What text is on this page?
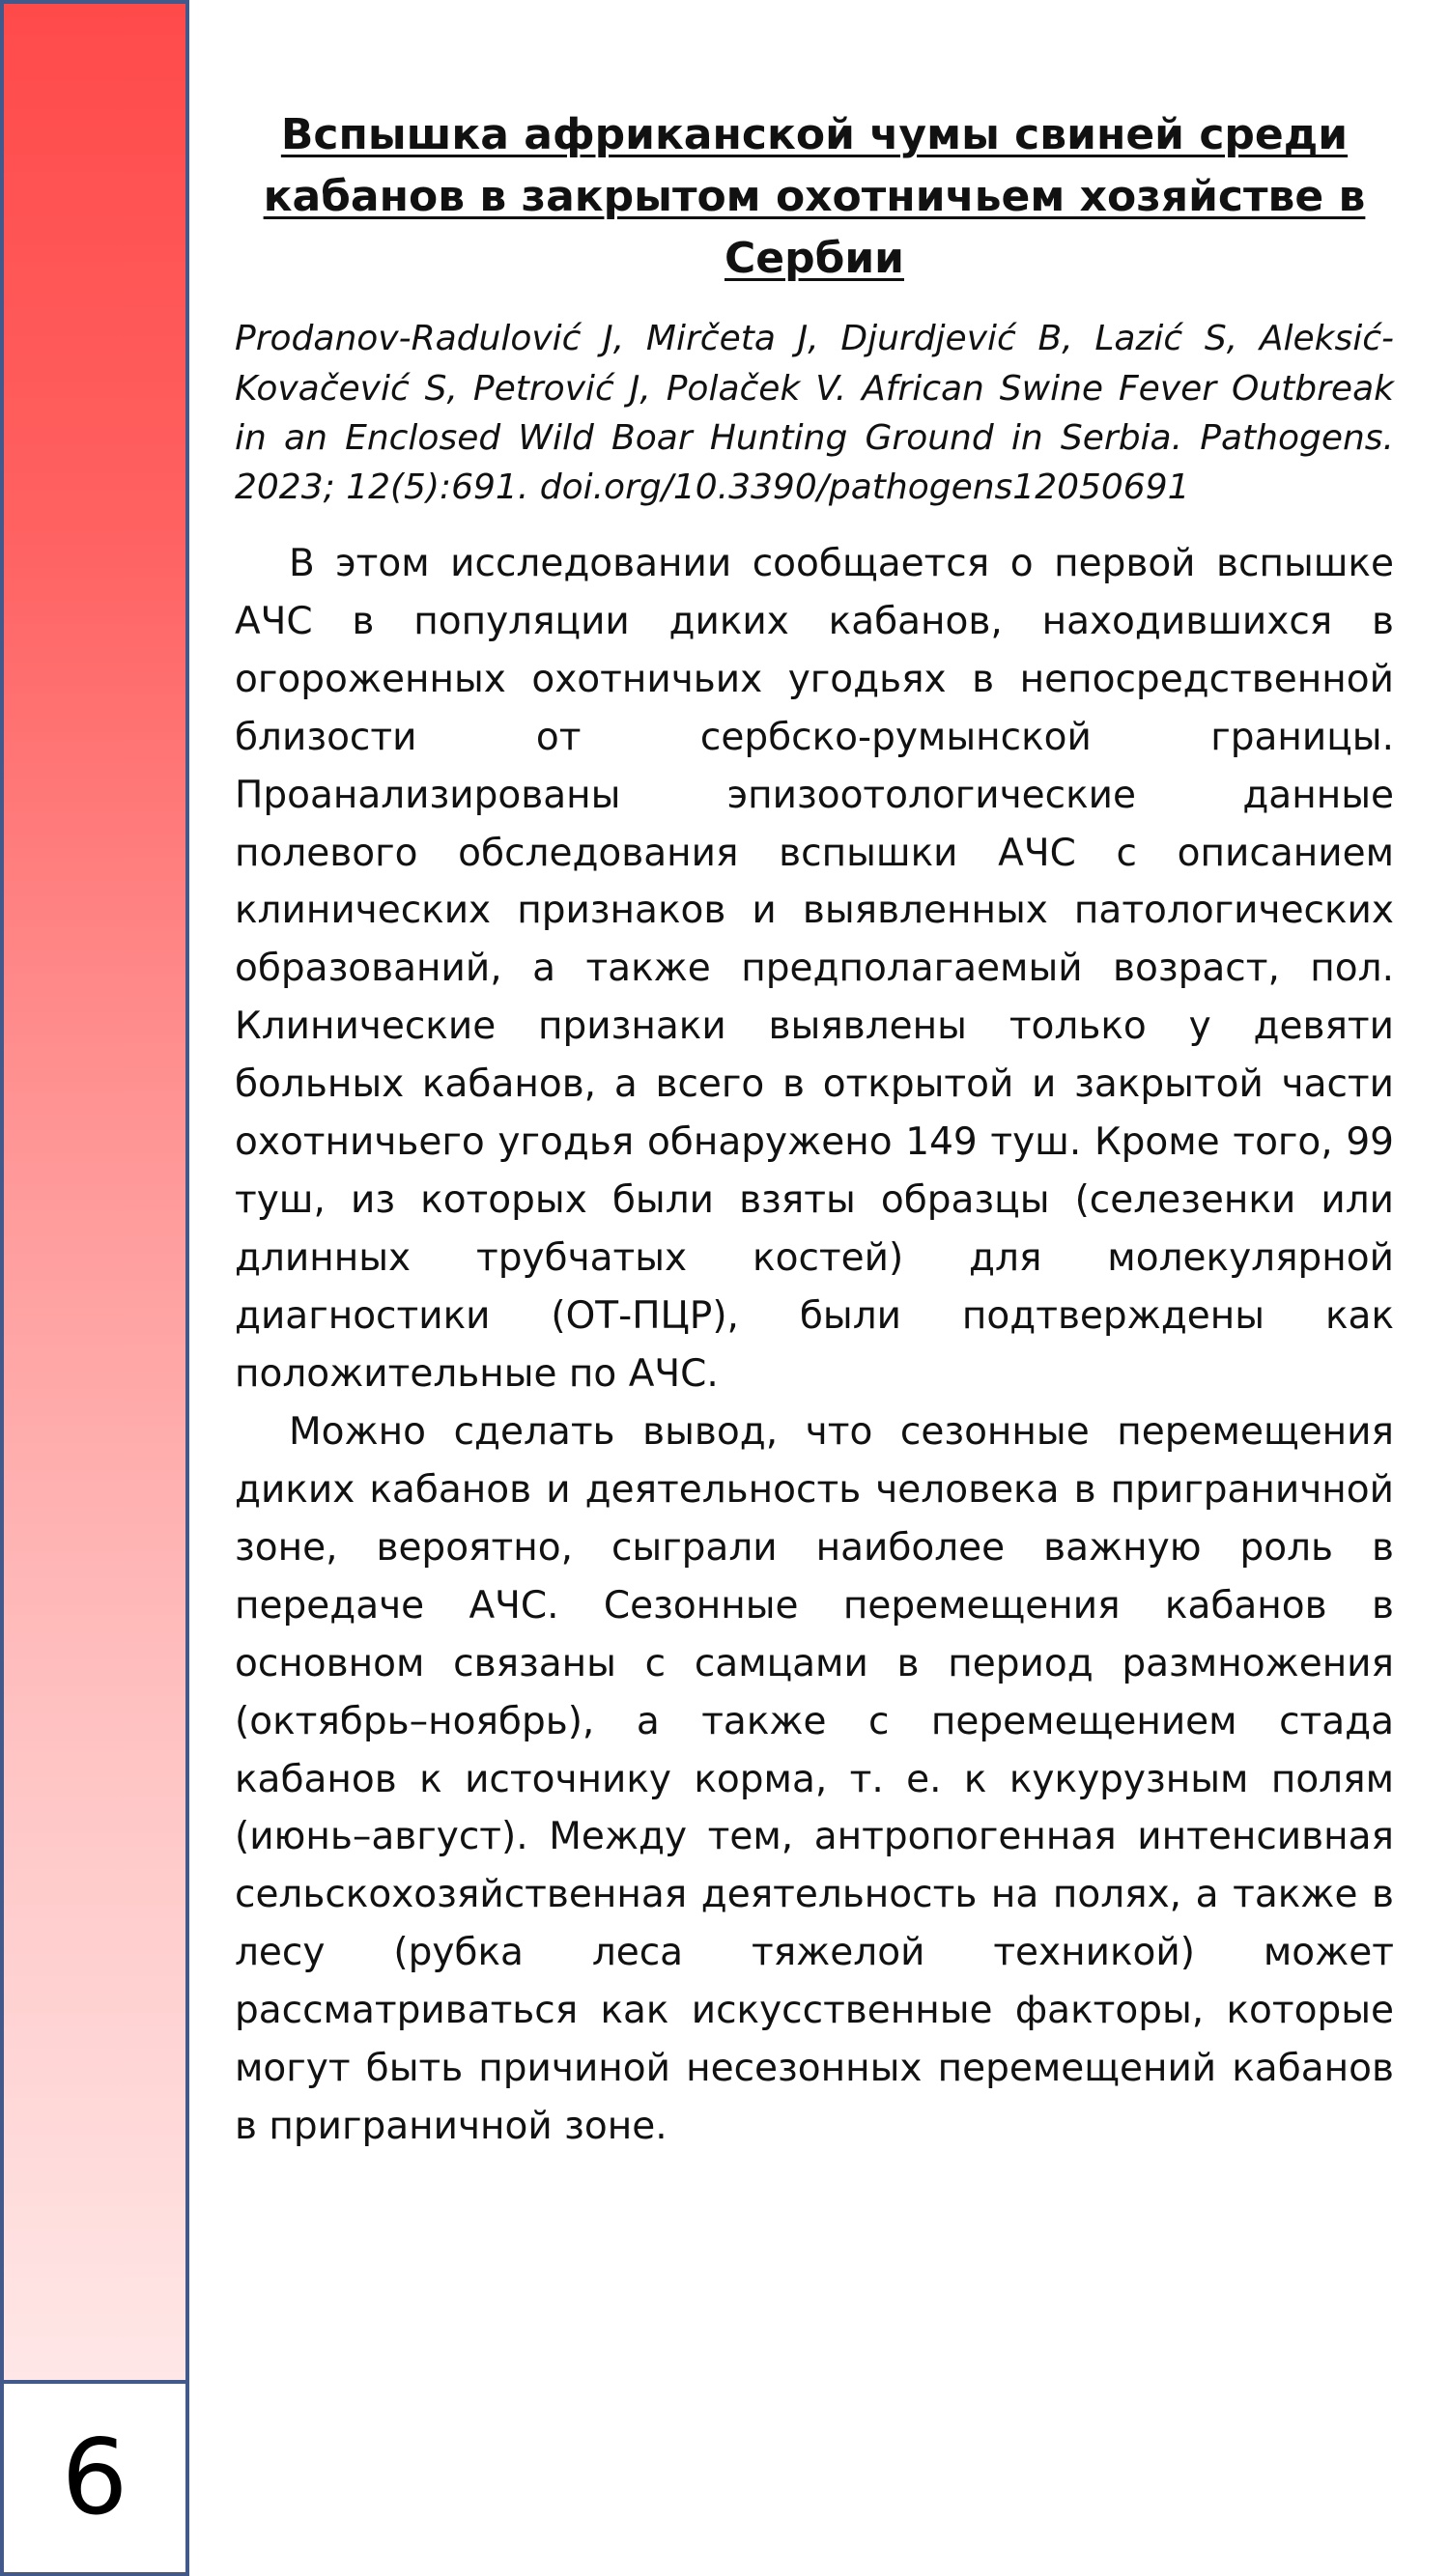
6
Вспышка африканской чумы свиней среди кабанов в закрытом охотничьем хозяйстве в Сербии

Prodanov-Radulović J, Mirčeta J, Djurdjević B, Lazić S, Aleksić-Kovačević S, Petrović J, Polaček V. African Swine Fever Outbreak in an Enclosed Wild Boar Hunting Ground in Serbia. Pathogens. 2023; 12(5):691. doi.org/10.3390/pathogens12050691

В этом исследовании сообщается о первой вспышке АЧС в популяции диких кабанов, находившихся в огороженных охотничьих угодьях в непосредственной близости от сербско-румынской границы. Проанализированы эпизоотологические данные полевого обследования вспышки АЧС с описанием клинических признаков и выявленных патологических образований, а также предполагаемый возраст, пол. Клинические признаки выявлены только у девяти больных кабанов, а всего в открытой и закрытой части охотничьего угодья обнаружено 149 туш. Кроме того, 99 туш, из которых были взяты образцы (селезенки или длинных трубчатых костей) для молекулярной диагностики (ОТ-ПЦР), были подтверждены как положительные по АЧС.

Можно сделать вывод, что сезонные перемещения диких кабанов и деятельность человека в приграничной зоне, вероятно, сыграли наиболее важную роль в передаче АЧС. Сезонные перемещения кабанов в основном связаны с самцами в период размножения (октябрь–ноябрь), а также с перемещением стада кабанов к источнику корма, т. е. к кукурузным полям (июнь–август). Между тем, антропогенная интенсивная сельскохозяйственная деятельность на полях, а также в лесу (рубка леса тяжелой техникой) может рассматриваться как искусственные факторы, которые могут быть причиной несезонных перемещений кабанов в приграничной зоне.
